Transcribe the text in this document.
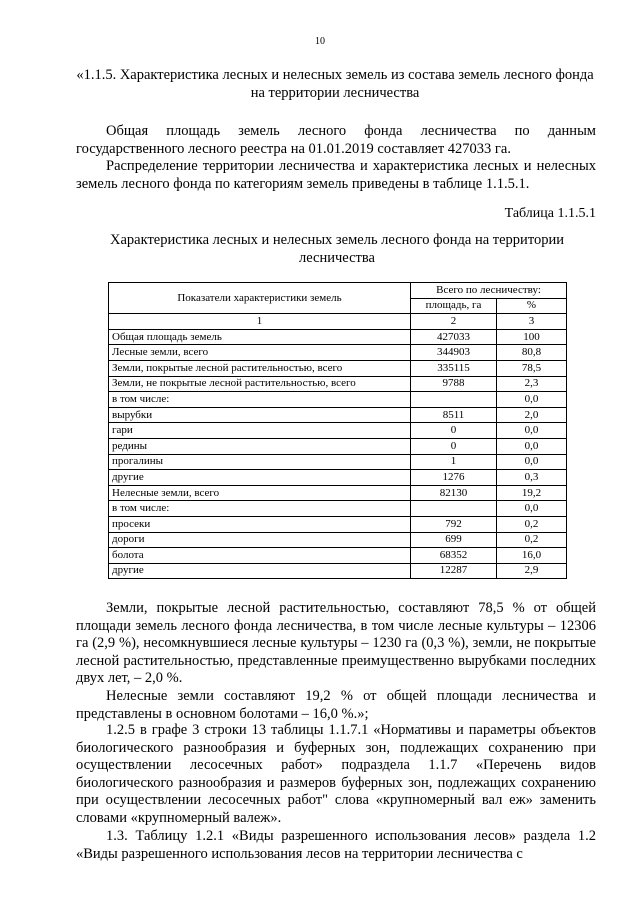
10
«1.1.5. Характеристика лесных и нелесных земель из состава земель лесного фонда на территории лесничества
Общая площадь земель лесного фонда лесничества по данным государственного лесного реестра на 01.01.2019 составляет 427033 га.
Распределение территории лесничества и характеристика лесных и нелесных земель лесного фонда по категориям земель приведены в таблице 1.1.5.1.
Таблица 1.1.5.1
Характеристика лесных и нелесных земель лесного фонда на территории лесничества
Показатели характеристики земель	Всего по лесничеству:	
	площадь, га	%
1	2	3
Общая площадь земель	427033	100
Лесные земли, всего	344903	80,8
Земли, покрытые лесной растительностью, всего	335115	78,5
Земли, не покрытые лесной растительностью, всего	9788	2,3
в том числе:		0,0
вырубки	8511	2,0
гари	0	0,0
редины	0	0,0
прогалины	1	0,0
другие	1276	0,3
Нелесные земли, всего	82130	19,2
в том числе:		0,0
просеки	792	0,2
дороги	699	0,2
болота	68352	16,0
другие	12287	2,9
Земли, покрытые лесной растительностью, составляют 78,5 % от общей площади земель лесного фонда лесничества, в том числе лесные культуры – 12306 га (2,9 %), несомкнувшиеся лесные культуры – 1230 га (0,3 %), земли, не покрытые лесной растительностью, представленные преимущественно вырубками последних двух лет, – 2,0 %.
Нелесные земли составляют 19,2 % от общей площади лесничества и представлены в основном болотами – 16,0 %.»;
1.2.5 в графе 3 строки 13 таблицы 1.1.7.1 «Нормативы и параметры объектов биологического разнообразия и буферных зон, подлежащих сохранению при осуществлении лесосечных работ» подраздела 1.1.7 «Перечень видов биологического разнообразия и размеров буферных зон, подлежащих сохранению при осуществлении лесосечных работ" слова «крупномерный вал еж» заменить словами «крупномерный валеж».
1.3. Таблицу 1.2.1 «Виды разрешенного использования лесов» раздела 1.2 «Виды разрешенного использования лесов на территории лесничества с
